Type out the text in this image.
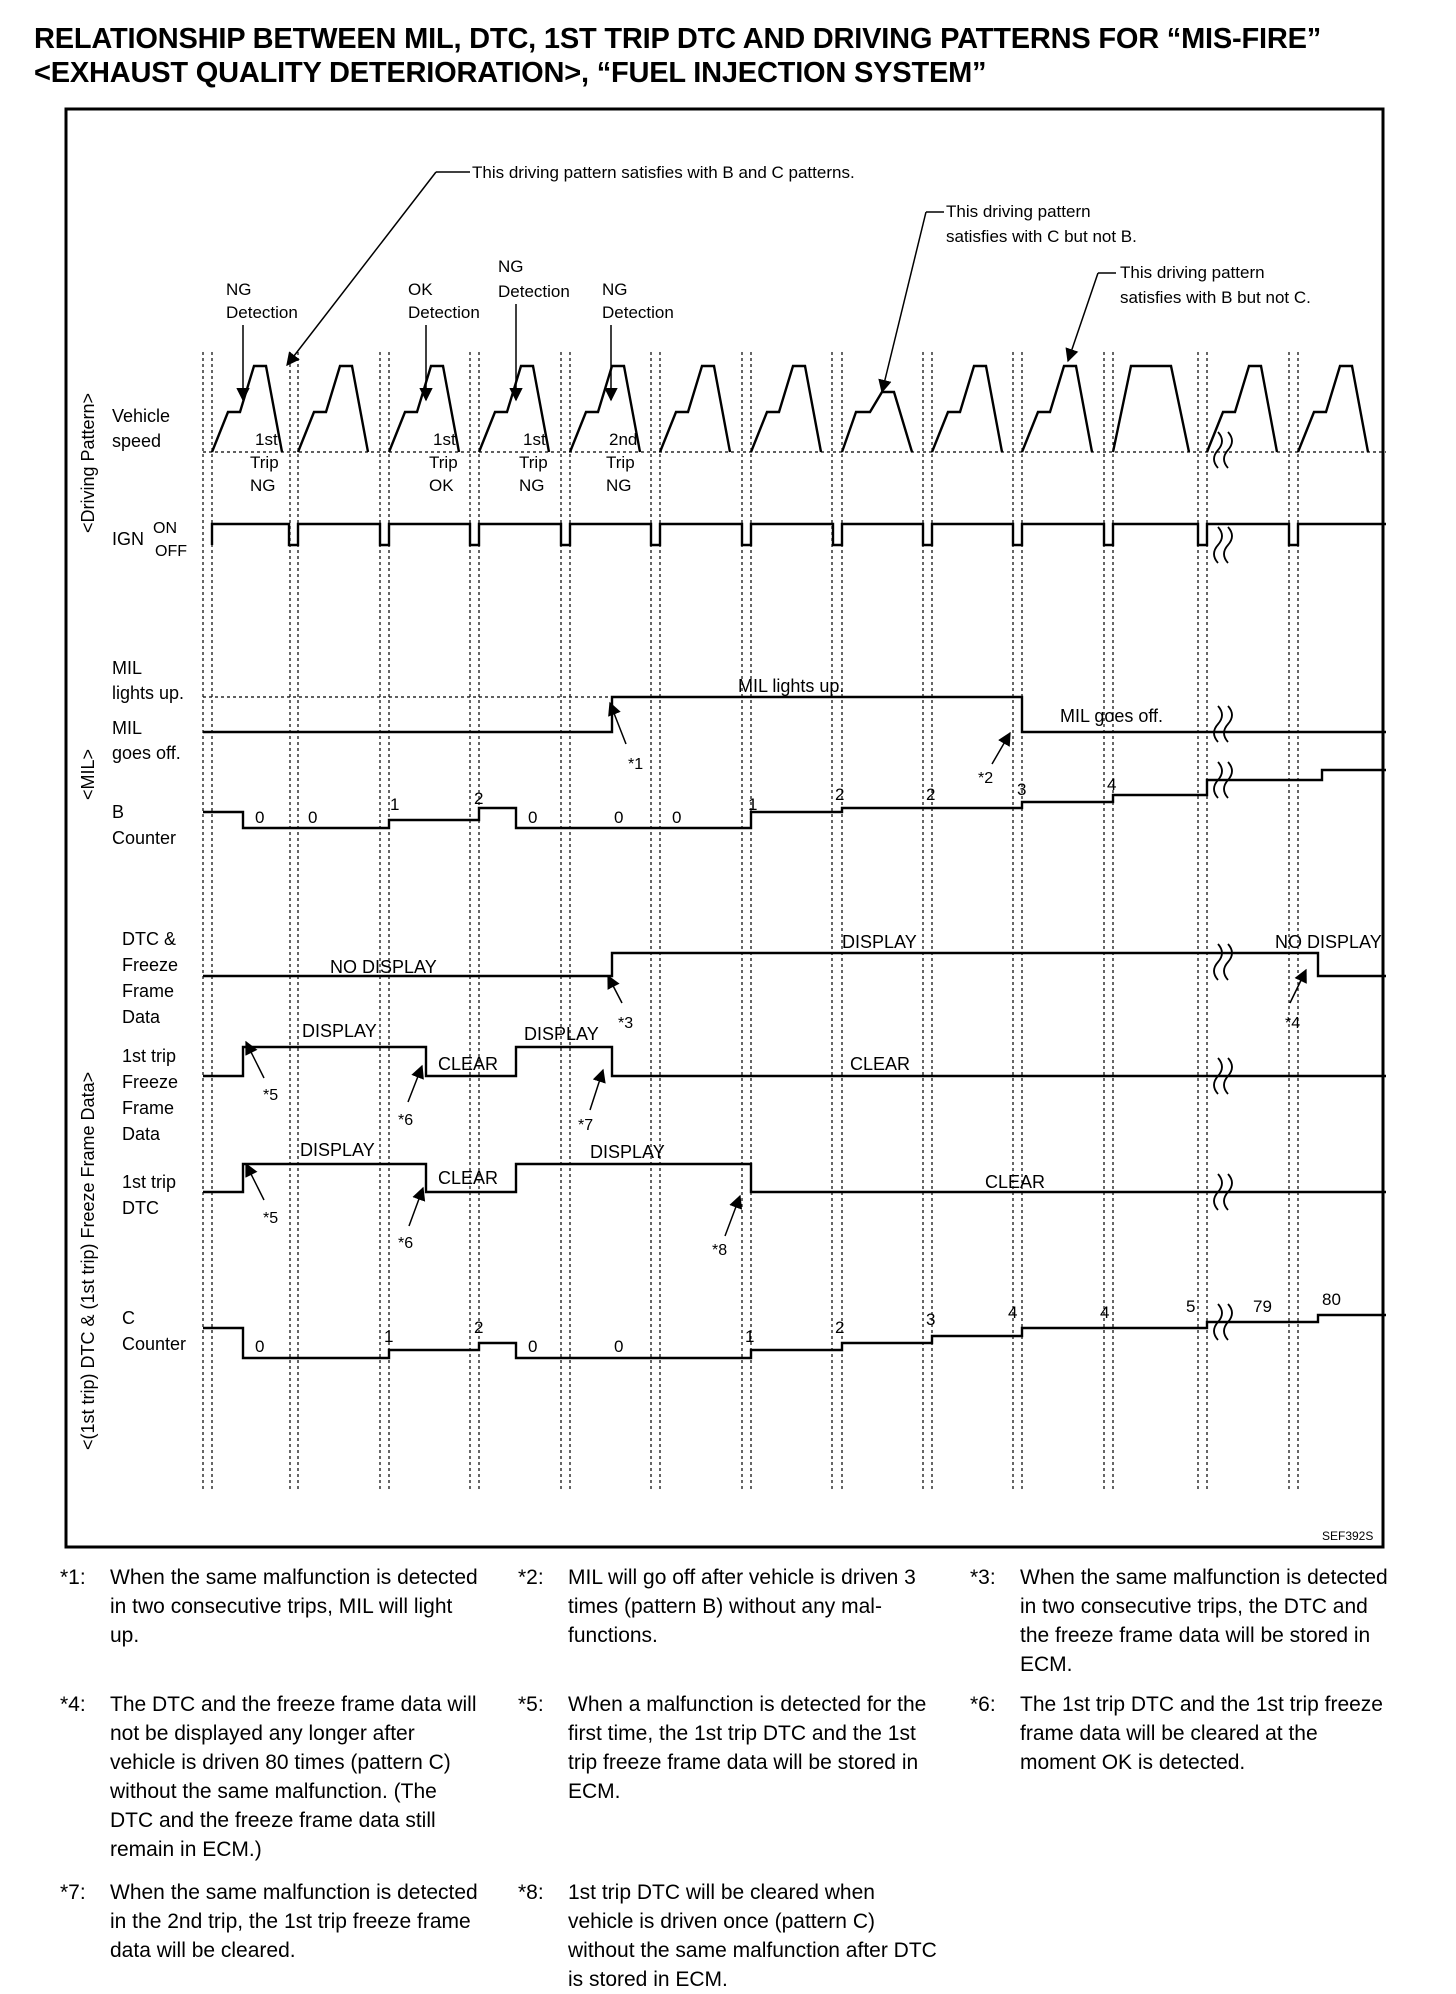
RELATIONSHIP BETWEEN MIL, DTC, 1ST TRIP DTC AND DRIVING PATTERNS FOR “MIS-FIRE” <EXHAUST QUALITY DETERIORATION>, “FUEL INJECTION SYSTEM”
This driving pattern satisfies with B and C patterns.
This driving pattern
satisfies with C but not B.
This driving pattern
satisfies with B but not C.
NG
Detection
OK
Detection
NG
Detection NG
Detection
1st
Trip
NG
1st
Trip
OK
1st
Trip
NG
2nd
Trip
NG
<Driving Pattern>
<MIL>
<(1st trip) DTC & (1st trip) Freeze Frame Data>
Vehicle
speed
IGN
ON
OFF
MIL
lights up.
MIL
goes off.
B
Counter
DTC &
Freeze
Frame
Data
1st trip
Freeze
Frame
Data
1st trip
DTC
C
Counter
MIL lights up.
MIL goes off.
NO DISPLAY
DISPLAY	NO DISPLAY
DISPLAY
CLEAR
DISPLAY
CLEAR
DISPLAY
CLEAR
DISPLAY
CLEAR
0	0
1	2
0	0	0
1
2	2	3	4
0
1	2
0	0
1	2	3	4	4	5	79	80
*1
*2
*3	*4
*5
*6	*7
*5
*6	*8
SEF392S
*1:	When the same malfunction is detected in two consecutive trips, MIL will light up.
*2:	MIL will go off after vehicle is driven 3 times (pattern B) without any mal-functions.
*3:	When the same malfunction is detected in two consecutive trips, the DTC and the freeze frame data will be stored in ECM.
*4:	The DTC and the freeze frame data will not be displayed any longer after vehicle is driven 80 times (pattern C) without the same malfunction. (The DTC and the freeze frame data still remain in ECM.)
*5:	When a malfunction is detected for the first time, the 1st trip DTC and the 1st trip freeze frame data will be stored in ECM.
*6:	The 1st trip DTC and the 1st trip freeze frame data will be cleared at the moment OK is detected.
*7:	When the same malfunction is detected in the 2nd trip, the 1st trip freeze frame data will be cleared.
*8:	1st trip DTC will be cleared when vehicle is driven once (pattern C) without the same malfunction after DTC is stored in ECM.
